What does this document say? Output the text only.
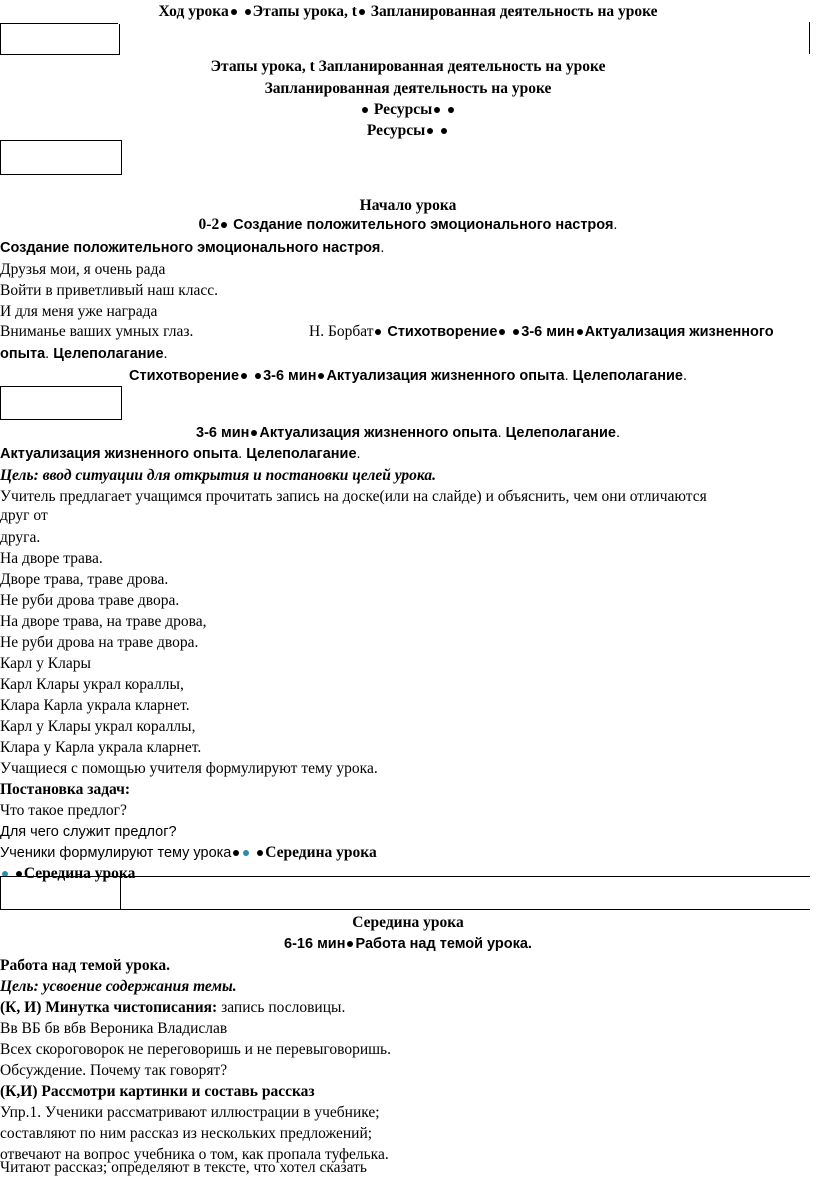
Ход урока Этапы урока, t Запланированная деятельность на уроке
Этапы урока, t Запланированная деятельность на уроке
Запланированная деятельность на уроке
Ресурсы
Ресурсы
Начало урока
0-2 Создание положительного эмоционального настроя.
Создание положительного эмоционального настроя.
Друзья мои, я очень рада
Войти в приветливый наш класс.
И для меня уже награда
Вниманье ваших умных глаз.	Н. Борбат Стихотворение 3-6 мин Актуализация жизненного
опыта. Целеполагание.
Стихотворение 3-6 мин Актуализация жизненного опыта. Целеполагание.
3-6 мин Актуализация жизненного опыта. Целеполагание.
Актуализация жизненного опыта. Целеполагание.
Цель: ввод ситуации для открытия и постановки целей урока.
Учитель предлагает учащимся прочитать запись на доске(или на слайде) и объяснить, чем они отличаются
друг от
друга.
На дворе трава.
Дворе трава, траве дрова.
Не руби дрова траве двора.
На дворе трава, на траве дрова,
Не руби дрова на траве двора.
Карл у Клары
Карл Клары украл кораллы,
Клара Карла украла кларнет.
Карл у Клары украл кораллы,
Клара у Карла украла кларнет.
Учащиеся с помощью учителя формулируют тему урока.
Постановка задач:
Что такое предлог?
Для чего служит предлог?
Ученики формулируют тему урока Середина урока
Середина урока
Середина урока
6-16 мин Работа над темой урока.
Работа над темой урока.
Цель: усвоение содержания темы.
(К, И) Минутка чистописания: запись пословицы.
Вв ВБ бв вбв Вероника Владислав
Всех скороговорок не переговоришь и не перевыговоришь.
Обсуждение. Почему так говорят?
(К,И) Рассмотри картинки и составь рассказ
Упр.1. Ученики рассматривают иллюстрации в учебнике;
составляют по ним рассказ из нескольких предложений;
отвечают на вопрос учебника о том, как пропала туфелька.
Читают рассказ; определяют в тексте, что хотел сказать
